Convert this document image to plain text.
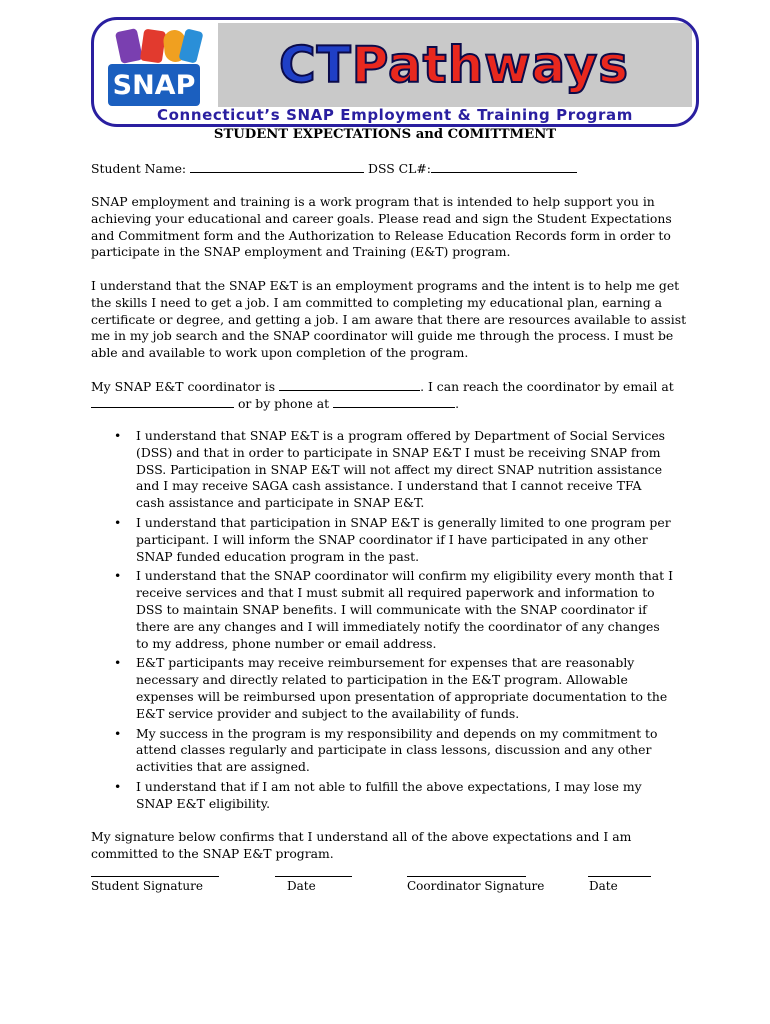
SNAP CT Pathways
Connecticut’s SNAP Employment & Training Program
STUDENT EXPECTATIONS and COMITTMENT
Student Name:	DSS CL#:

SNAP employment and training is a work program that is intended to help support you in achieving your educational and career goals. Please read and sign the Student Expectations and Commitment form and the Authorization to Release Education Records form in order to participate in the SNAP employment and Training (E&T) program.

I understand that the SNAP E&T is an employment programs and the intent is to help me get the skills I need to get a job. I am committed to completing my educational plan, earning a certificate or degree, and getting a job. I am aware that there are resources available to assist me in my job search and the SNAP coordinator will guide me through the process. I must be able and available to work upon completion of the program.

My SNAP E&T coordinator is	. I can reach the coordinator by email at
or by phone at	.
• I understand that SNAP E&T is a program offered by Department of Social Services (DSS) and that in order to participate in SNAP E&T I must be receiving SNAP from DSS. Participation in SNAP E&T will not affect my direct SNAP nutrition assistance and I may receive SAGA cash assistance. I understand that I cannot receive TFA cash assistance and participate in SNAP E&T.
• I understand that participation in SNAP E&T is generally limited to one program per participant. I will inform the SNAP coordinator if I have participated in any other SNAP funded education program in the past.
• I understand that the SNAP coordinator will confirm my eligibility every month that I receive services and that I must submit all required paperwork and information to DSS to maintain SNAP benefits. I will communicate with the SNAP coordinator if there are any changes and I will immediately notify the coordinator of any changes to my address, phone number or email address.
• E&T participants may receive reimbursement for expenses that are reasonably necessary and directly related to participation in the E&T program. Allowable expenses will be reimbursed upon presentation of appropriate documentation to the E&T service provider and subject to the availability of funds.
• My success in the program is my responsibility and depends on my commitment to attend classes regularly and participate in class lessons, discussion and any other activities that are assigned.
• I understand that if I am not able to fulfill the above expectations, I may lose my SNAP E&T eligibility.

My signature below confirms that I understand all of the above expectations and I am committed to the SNAP E&T program.

Student Signature	Date	Coordinator Signature	Date
